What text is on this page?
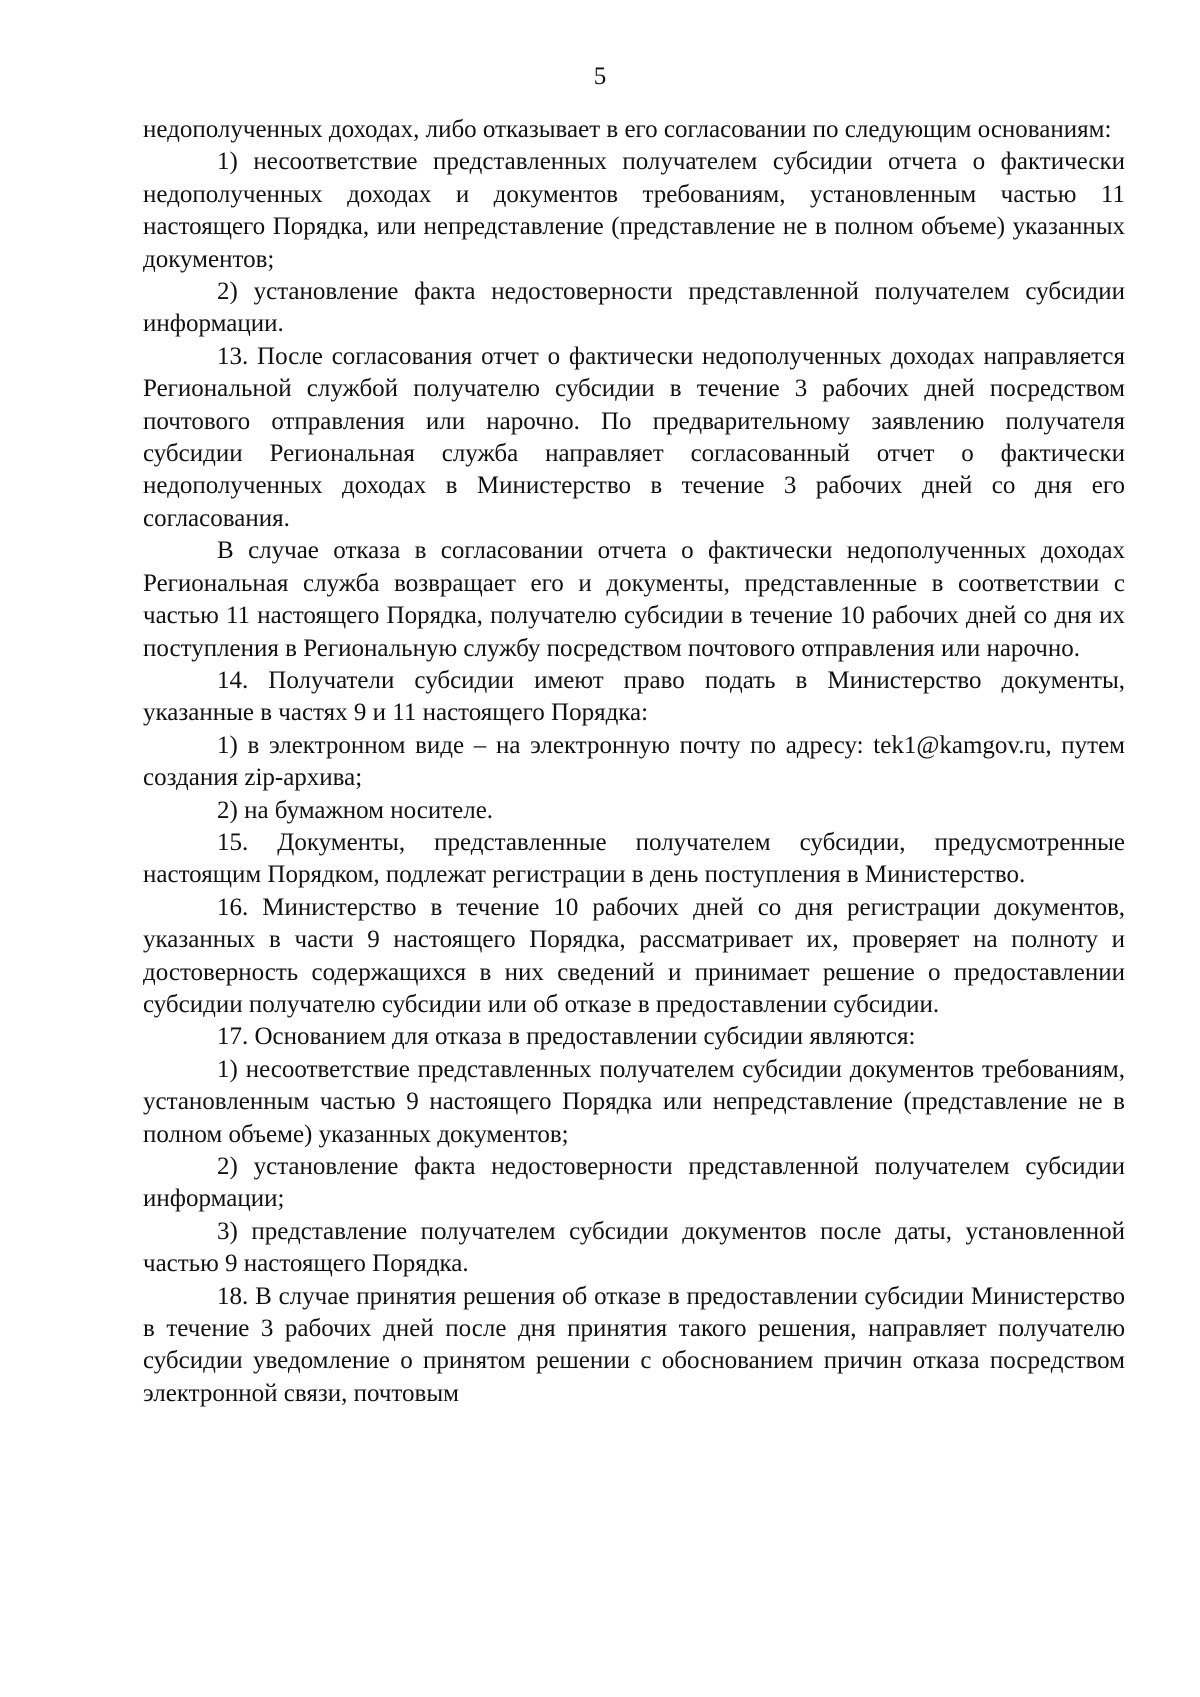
5

недополученных доходах, либо отказывает в его согласовании по следующим основаниям:

1) несоответствие представленных получателем субсидии отчета о фактически недополученных доходах и документов требованиям, установленным частью 11 настоящего Порядка, или непредставление (представление не в полном объеме) указанных документов;

2) установление факта недостоверности представленной получателем субсидии информации.

13. После согласования отчет о фактически недополученных доходах направляется Региональной службой получателю субсидии в течение 3 рабочих дней посредством почтового отправления или нарочно. По предварительному заявлению получателя субсидии Региональная служба направляет согласованный отчет о фактически недополученных доходах в Министерство в течение 3 рабочих дней со дня его согласования.

В случае отказа в согласовании отчета о фактически недополученных доходах Региональная служба возвращает его и документы, представленные в соответствии с частью 11 настоящего Порядка, получателю субсидии в течение 10 рабочих дней со дня их поступления в Региональную службу посредством почтового отправления или нарочно.

14. Получатели субсидии имеют право подать в Министерство документы, указанные в частях 9 и 11 настоящего Порядка:

1) в электронном виде – на электронную почту по адресу: tek1@kamgov.ru, путем создания zip-архива;

2) на бумажном носителе.

15. Документы, представленные получателем субсидии, предусмотренные настоящим Порядком, подлежат регистрации в день поступления в Министерство.

16. Министерство в течение 10 рабочих дней со дня регистрации документов, указанных в части 9 настоящего Порядка, рассматривает их, проверяет на полноту и достоверность содержащихся в них сведений и принимает решение о предоставлении субсидии получателю субсидии или об отказе в предоставлении субсидии.

17. Основанием для отказа в предоставлении субсидии являются:

1) несоответствие представленных получателем субсидии документов требованиям, установленным частью 9 настоящего Порядка или непредставление (представление не в полном объеме) указанных документов;

2) установление факта недостоверности представленной получателем субсидии информации;

3) представление получателем субсидии документов после даты, установленной частью 9 настоящего Порядка.

18. В случае принятия решения об отказе в предоставлении субсидии Министерство в течение 3 рабочих дней после дня принятия такого решения, направляет получателю субсидии уведомление о принятом решении с обоснованием причин отказа посредством электронной связи, почтовым
